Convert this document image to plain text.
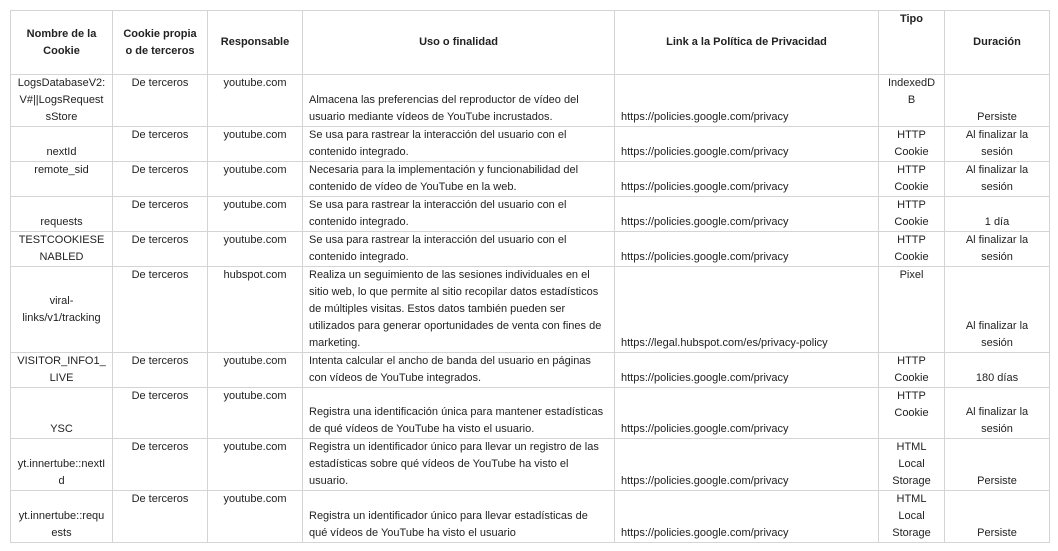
Nombre de la Cookie	Cookie propia o de terceros	Responsable	Uso o finalidad	Link a la Política de Privacidad	Tipo	Duración
LogsDatabaseV2:V#||LogsRequestsStore	De terceros	youtube.com	Almacena las preferencias del reproductor de vídeo del usuario mediante vídeos de YouTube incrustados.	https://policies.google.com/privacy	IndexedDB	Persiste
nextId	De terceros	youtube.com	Se usa para rastrear la interacción del usuario con el contenido integrado.	https://policies.google.com/privacy	HTTP Cookie	Al finalizar la sesión
remote_sid	De terceros	youtube.com	Necesaria para la implementación y funcionabilidad del contenido de vídeo de YouTube en la web.	https://policies.google.com/privacy	HTTP Cookie	Al finalizar la sesión
requests	De terceros	youtube.com	Se usa para rastrear la interacción del usuario con el contenido integrado.	https://policies.google.com/privacy	HTTP Cookie	1 día
TESTCOOKIESENABLED	De terceros	youtube.com	Se usa para rastrear la interacción del usuario con el contenido integrado.	https://policies.google.com/privacy	HTTP Cookie	Al finalizar la sesión
viral-links/v1/tracking	De terceros	hubspot.com	Realiza un seguimiento de las sesiones individuales en el sitio web, lo que permite al sitio recopilar datos estadísticos de múltiples visitas. Estos datos también pueden ser utilizados para generar oportunidades de venta con fines de marketing.	https://legal.hubspot.com/es/privacy-policy	Pixel	Al finalizar la sesión
VISITOR_INFO1_LIVE	De terceros	youtube.com	Intenta calcular el ancho de banda del usuario en páginas con vídeos de YouTube integrados.	https://policies.google.com/privacy	HTTP Cookie	180 días
YSC	De terceros	youtube.com	Registra una identificación única para mantener estadísticas de qué vídeos de YouTube ha visto el usuario.	https://policies.google.com/privacy	HTTP Cookie	Al finalizar la sesión
yt.innertube::nextId	De terceros	youtube.com	Registra un identificador único para llevar un registro de las estadísticas sobre qué vídeos de YouTube ha visto el usuario.	https://policies.google.com/privacy	HTML Local Storage	Persiste
yt.innertube::requests	De terceros	youtube.com	Registra un identificador único para llevar estadísticas de qué vídeos de YouTube ha visto el usuario	https://policies.google.com/privacy	HTML Local Storage	Persiste
